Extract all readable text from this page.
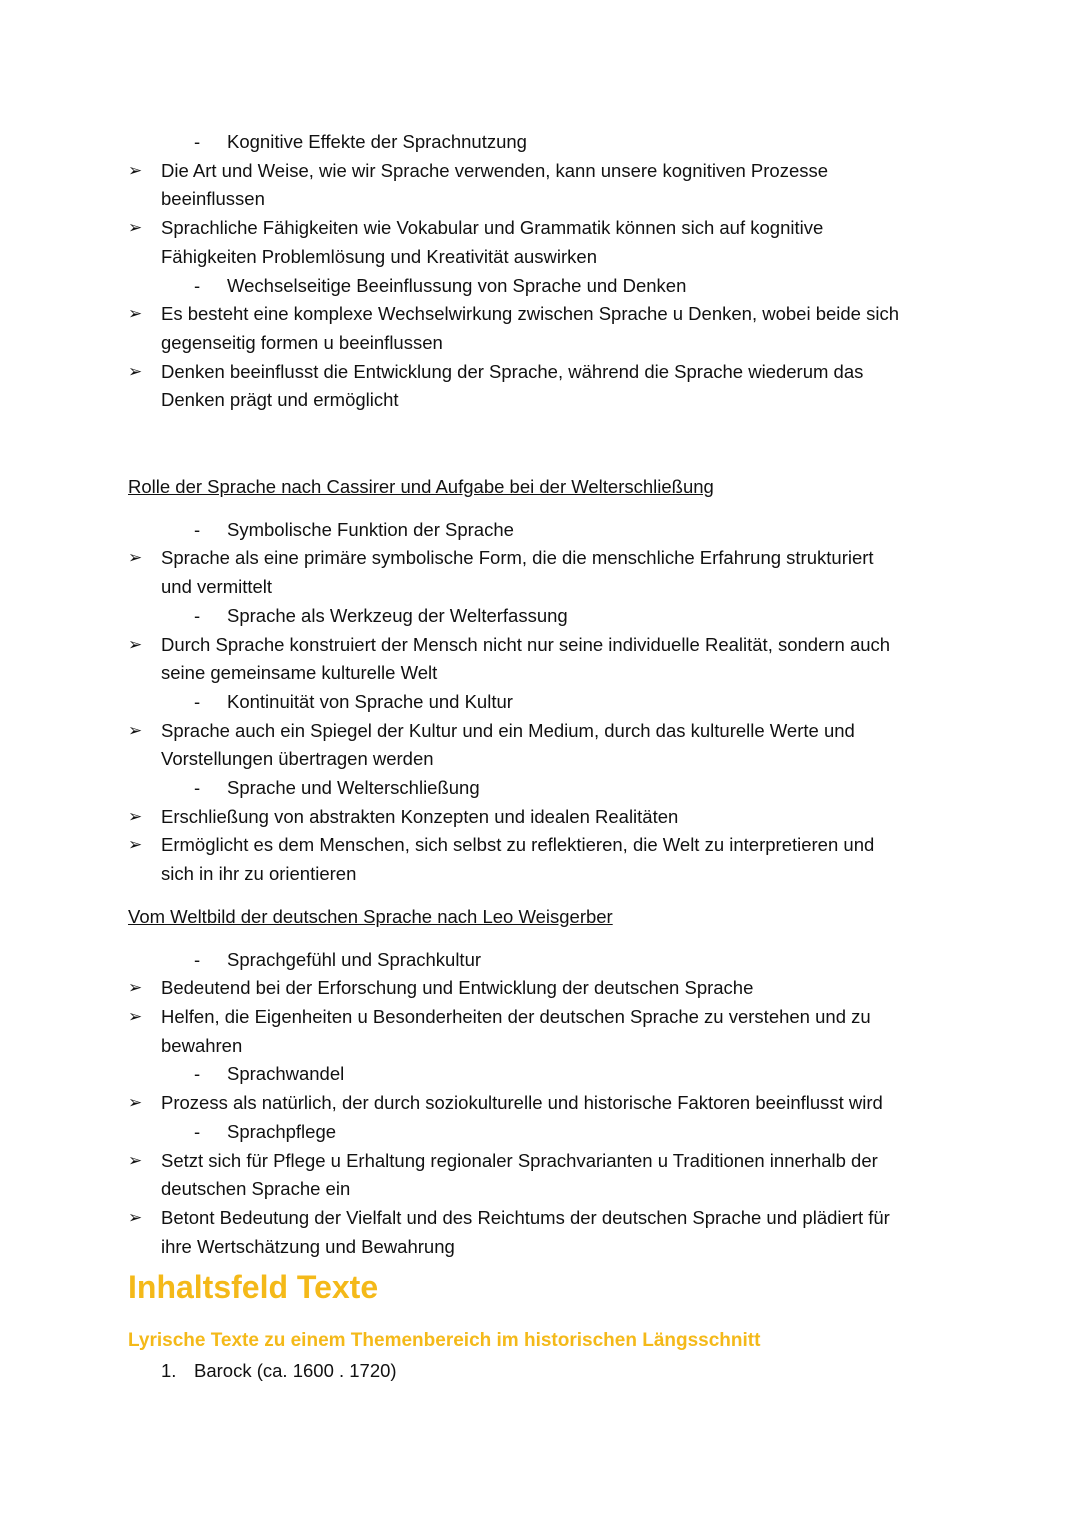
- Kognitive Effekte der Sprachnutzung
➢ Die Art und Weise, wie wir Sprache verwenden, kann unsere kognitiven Prozesse
beeinflussen
➢ Sprachliche Fähigkeiten wie Vokabular und Grammatik können sich auf kognitive
Fähigkeiten Problemlösung und Kreativität auswirken
- Wechselseitige Beeinflussung von Sprache und Denken
➢ Es besteht eine komplexe Wechselwirkung zwischen Sprache u Denken, wobei beide sich
gegenseitig formen u beeinflussen
➢ Denken beeinflusst die Entwicklung der Sprache, während die Sprache wiederum das
Denken prägt und ermöglicht
Rolle der Sprache nach Cassirer und Aufgabe bei der Welterschließung
- Symbolische Funktion der Sprache
➢ Sprache als eine primäre symbolische Form, die die menschliche Erfahrung strukturiert
und vermittelt
- Sprache als Werkzeug der Welterfassung
➢ Durch Sprache konstruiert der Mensch nicht nur seine individuelle Realität, sondern auch
seine gemeinsame kulturelle Welt
- Kontinuität von Sprache und Kultur
➢ Sprache auch ein Spiegel der Kultur und ein Medium, durch das kulturelle Werte und
Vorstellungen übertragen werden
- Sprache und Welterschließung
➢ Erschließung von abstrakten Konzepten und idealen Realitäten
➢ Ermöglicht es dem Menschen, sich selbst zu reflektieren, die Welt zu interpretieren und
sich in ihr zu orientieren
Vom Weltbild der deutschen Sprache nach Leo Weisgerber
- Sprachgefühl und Sprachkultur
➢ Bedeutend bei der Erforschung und Entwicklung der deutschen Sprache
➢ Helfen, die Eigenheiten u Besonderheiten der deutschen Sprache zu verstehen und zu
bewahren
- Sprachwandel
➢ Prozess als natürlich, der durch soziokulturelle und historische Faktoren beeinflusst wird
- Sprachpflege
➢ Setzt sich für Pflege u Erhaltung regionaler Sprachvarianten u Traditionen innerhalb der
deutschen Sprache ein
➢ Betont Bedeutung der Vielfalt und des Reichtums der deutschen Sprache und plädiert für
ihre Wertschätzung und Bewahrung
Inhaltsfeld Texte
Lyrische Texte zu einem Themenbereich im historischen Längsschnitt
1. Barock (ca. 1600 . 1720)
